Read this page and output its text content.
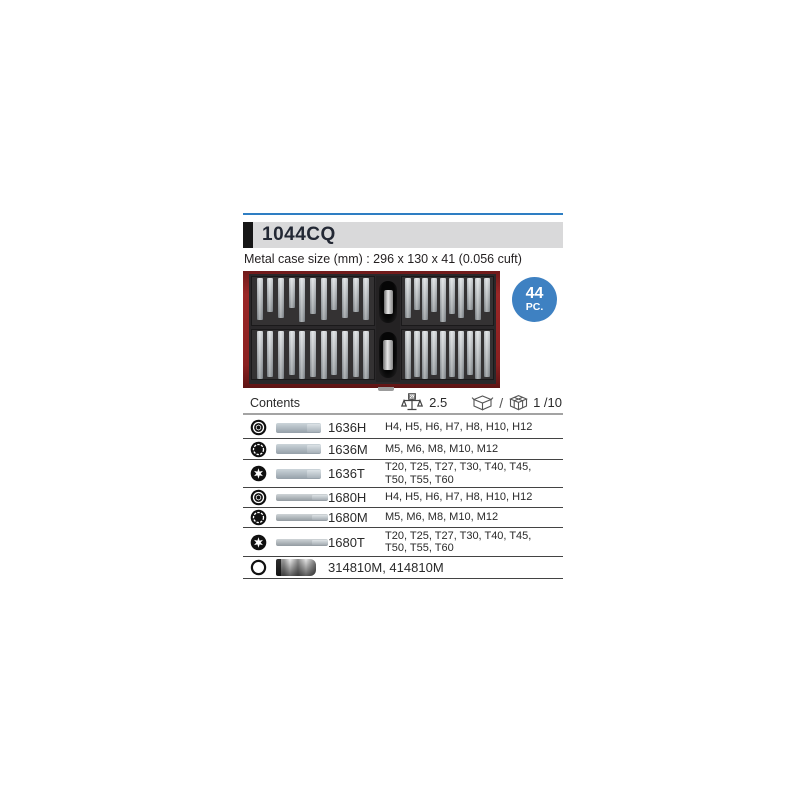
1044CQ
Metal case size (mm) : 296 x 130 x 41 (0.056 cuft)
44
PC.
Contents	Kg 2.5	/ 1 /10
1636H	H4, H5, H6, H7, H8, H10, H12
1636M	M5, M6, M8, M10, M12
1636T	T20, T25, T27, T30, T40, T45, T50, T55, T60
1680H	H4, H5, H6, H7, H8, H10, H12
1680M	M5, M6, M8, M10, M12
1680T	T20, T25, T27, T30, T40, T45, T50, T55, T60
314810M, 414810M
